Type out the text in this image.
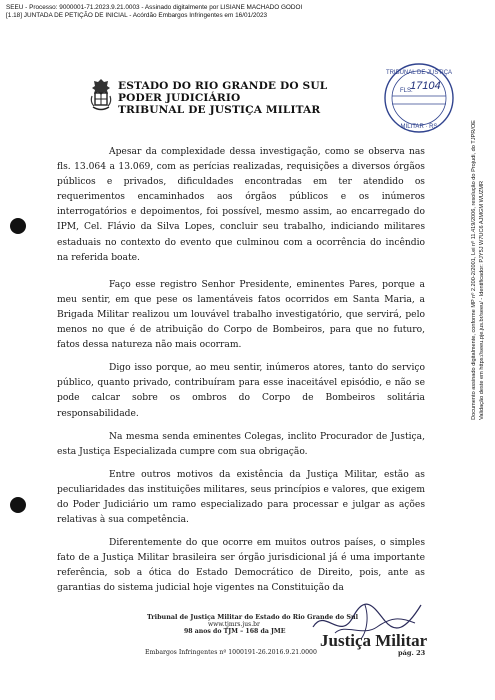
SEEU - Processo: 9000001-71.2023.9.21.0003 - Assinado digitalmente por LISIANE MACHADO GODOI
[1.18] JUNTADA DE PETIÇÃO DE INICIAL - Acórdão Embargos Infringentes em 16/01/2023
Documento assinado digitalmente, conforme MP nº 2.200-2/2001, Lei nº 11.419/2006, resolução do Projudi, do TJPR/OE Validação deste em https://seeu.pje.jus.br/seeu/ - Identificador: PJY5J W7UC6 AJMGM WUZMR
ESTADO DO RIO GRANDE DO SUL
PODER JUDICIÁRIO
TRIBUNAL DE JUSTIÇA MILITAR
TRIBUNAL DE JUSTIÇA
MILITAR · RS
FLS.
17104

Apesar da complexidade dessa investigação, como se observa nas fls. 13.064 a 13.069, com as perícias realizadas, requisições a diversos órgãos públicos e privados, dificuldades encontradas em ter atendido os requerimentos encaminhados aos órgãos públicos e os inúmeros interrogatórios e depoimentos, foi possível, mesmo assim, ao encarregado do IPM, Cel. Flávio da Silva Lopes, concluir seu trabalho, indiciando militares estaduais no contexto do evento que culminou com a ocorrência do incêndio na referida boate.

Faço esse registro Senhor Presidente, eminentes Pares, porque a meu sentir, em que pese os lamentáveis fatos ocorridos em Santa Maria, a Brigada Militar realizou um louvável trabalho investigatório, que servirá, pelo menos no que é de atribuição do Corpo de Bombeiros, para que no futuro, fatos dessa natureza não mais ocorram.

Digo isso porque, ao meu sentir, inúmeros atores, tanto do serviço público, quanto privado, contribuíram para esse inaceitável episódio, e não se pode calcar sobre os ombros do Corpo de Bombeiros solitária responsabilidade.

Na mesma senda eminentes Colegas, inclito Procurador de Justiça, esta Justiça Especializada cumpre com sua obrigação.

Entre outros motivos da existência da Justiça Militar, estão as peculiaridades das instituições militares, seus princípios e valores, que exigem do Poder Judiciário um ramo especializado para processar e julgar as ações relativas à sua competência.

Diferentemente do que ocorre em muitos outros países, o simples fato de a Justiça Militar brasileira ser órgão jurisdicional já é uma importante referência, sob a ótica do Estado Democrático de Direito, pois, ante as garantias do sistema judicial hoje vigentes na Constituição da

Tribunal de Justiça Militar do Estado do Rio Grande do Sul
www.tjmrs.jus.br
98 anos do TJM – 168 da JME Justiça Militar
Embargos Infringentes nº 1000191-26.2016.9.21.0000	pág. 23
